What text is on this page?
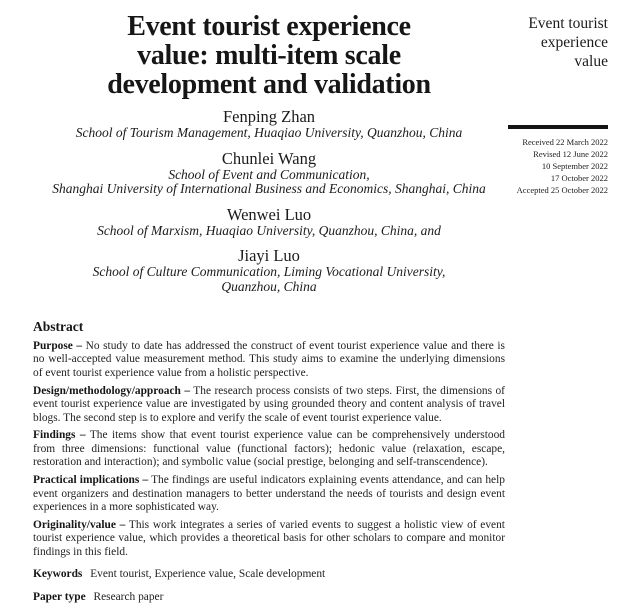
Event tourist experience
value: multi-item scale
development and validation
Fenping Zhan
School of Tourism Management, Huaqiao University, Quanzhou, China
Chunlei Wang
School of Event and Communication,
Shanghai University of International Business and Economics, Shanghai, China
Wenwei Luo
School of Marxism, Huaqiao University, Quanzhou, China, and
Jiayi Luo
School of Culture Communication, Liming Vocational University,
Quanzhou, China
Abstract

Purpose – No study to date has addressed the construct of event tourist experience value and there is no well-accepted value measurement method. This study aims to examine the underlying dimensions of event tourist experience value from a holistic perspective.

Design/methodology/approach – The research process consists of two steps. First, the dimensions of event tourist experience value are investigated by using grounded theory and content analysis of travel blogs. The second step is to explore and verify the scale of event tourist experience value.

Findings – The items show that event tourist experience value can be comprehensively understood from three dimensions: functional value (functional factors); hedonic value (relaxation, escape, restoration and interaction); and symbolic value (social prestige, belonging and self-transcendence).

Practical implications – The findings are useful indicators explaining events attendance, and can help event organizers and destination managers to better understand the needs of tourists and design event experiences in a more sophisticated way.

Originality/value – This work integrates a series of varied events to suggest a holistic view of event tourist experience value, which provides a theoretical basis for other scholars to compare and monitor findings in this field.

Keywords Event tourist, Experience value, Scale development

Paper type Research paper

Event tourist
experience
value
Received 22 March 2022
Revised 12 June 2022
10 September 2022
17 October 2022
Accepted 25 October 2022
